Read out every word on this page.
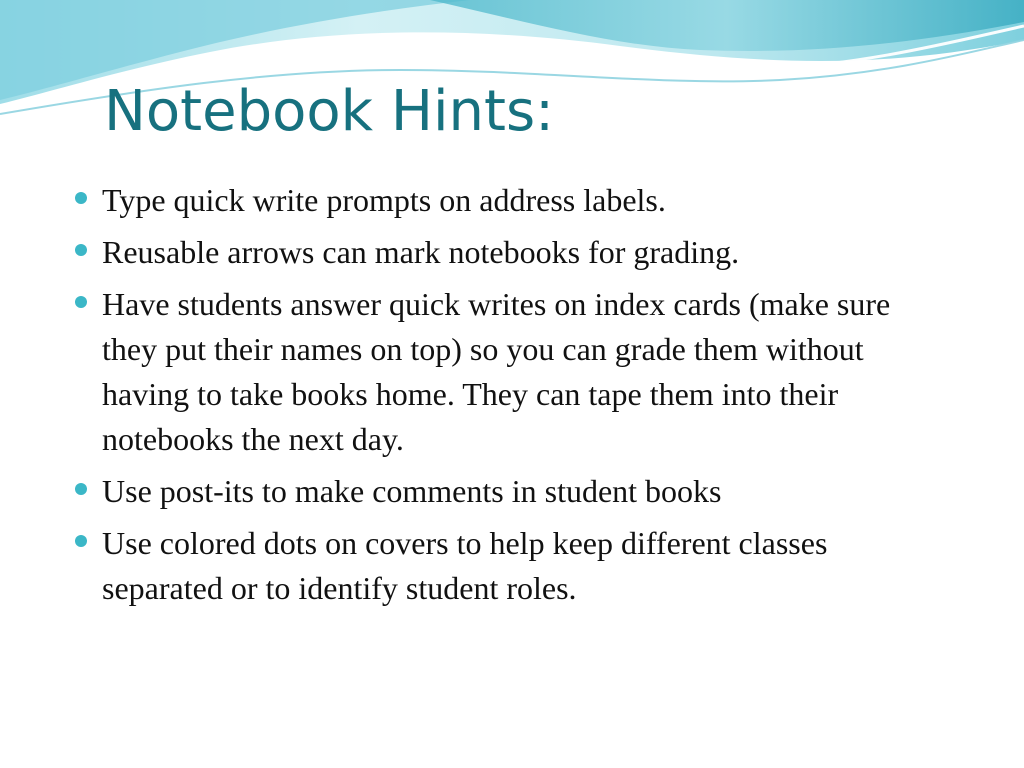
Notebook Hints:
Type quick write prompts on address labels.
Reusable arrows can mark notebooks for grading.
Have students answer quick writes on index cards (make sure they put their names on top) so you can grade them without having to take books home. They can tape them into their notebooks the next day.
Use post-its to make comments in student books
Use colored dots on covers to help keep different classes separated or to identify student roles.
